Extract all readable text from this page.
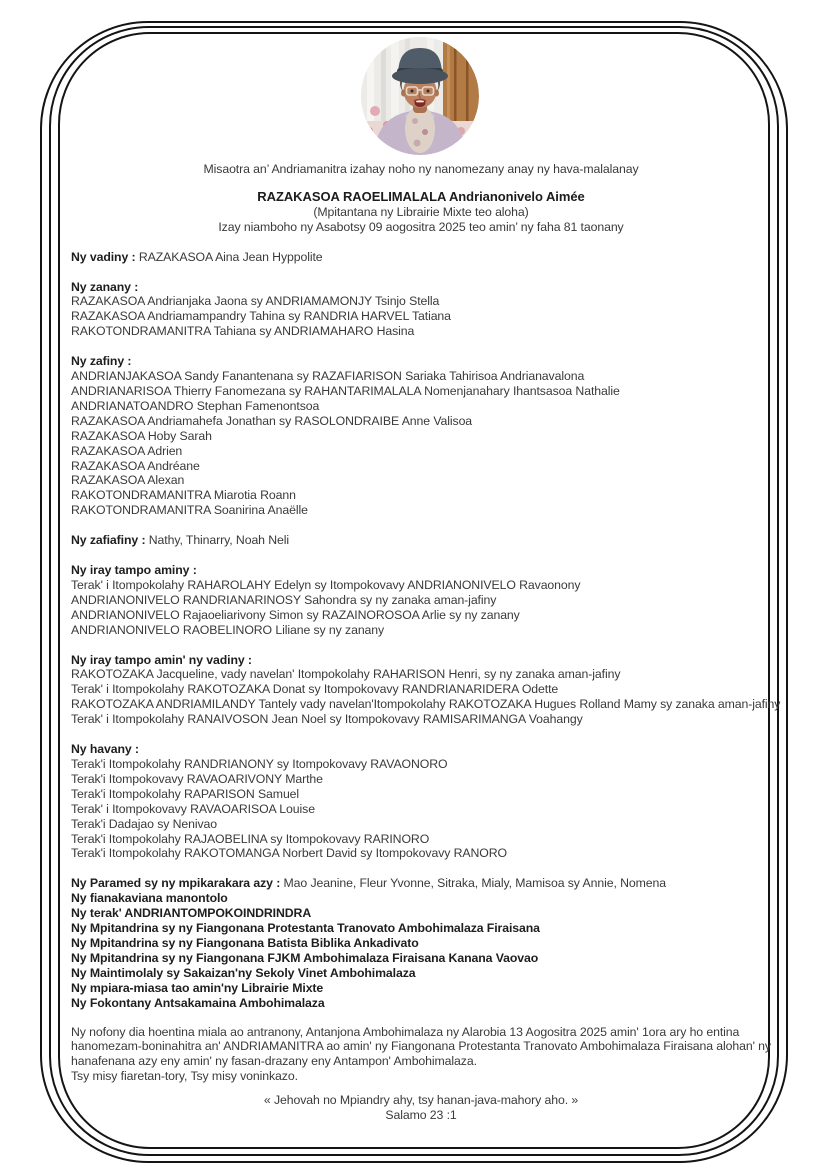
Misaotra an’ Andriamanitra izahay noho ny nanomezany anay ny hava-malalanay

RAZAKASOA RAOELIMALALA Andrianonivelo Aimée

(Mpitantana ny Librairie Mixte teo aloha)

Izay niamboho ny Asabotsy 09 aogositra 2025 teo amin’ ny faha 81 taonany

Ny vadiny : RAZAKASOA Aina Jean Hyppolite

Ny zanany :

RAZAKASOA Andrianjaka Jaona sy ANDRIAMAMONJY Tsinjo Stella

RAZAKASOA Andriamampandry Tahina sy RANDRIA HARVEL Tatiana

RAKOTONDRAMANITRA Tahiana sy ANDRIAMAHARO Hasina

Ny zafiny :

ANDRIANJAKASOA Sandy Fanantenana sy RAZAFIARISON Sariaka Tahirisoa Andrianavalona

ANDRIANARISOA Thierry Fanomezana sy RAHANTARIMALALA Nomenjanahary Ihantsasoa Nathalie

ANDRIANATOANDRO Stephan Famenontsoa

RAZAKASOA Andriamahefa Jonathan sy RASOLONDRAIBE Anne Valisoa

RAZAKASOA Hoby Sarah

RAZAKASOA Adrien

RAZAKASOA Andréane

RAZAKASOA Alexan

RAKOTONDRAMANITRA Miarotia Roann

RAKOTONDRAMANITRA Soanirina Anaëlle

Ny zafiafiny : Nathy, Thinarry, Noah Neli

Ny iray tampo aminy :

Terak' i Itompokolahy RAHAROLAHY Edelyn sy Itompokovavy ANDRIANONIVELO Ravaonony

ANDRIANONIVELO RANDRIANARINOSY Sahondra sy ny zanaka aman-jafiny

ANDRIANONIVELO Rajaoeliarivony Simon sy RAZAINOROSOA Arlie sy ny zanany

ANDRIANONIVELO RAOBELINORO Liliane sy ny zanany

Ny iray tampo amin' ny vadiny :

RAKOTOZAKA Jacqueline, vady navelan' Itompokolahy RAHARISON Henri, sy ny zanaka aman-jafiny

Terak' i Itompokolahy RAKOTOZAKA Donat sy Itompokovavy RANDRIANARIDERA Odette

RAKOTOZAKA ANDRIAMILANDY Tantely vady navelan'Itompokolahy RAKOTOZAKA Hugues Rolland Mamy sy zanaka aman-jafiny

Terak' i Itompokolahy RANAIVOSON Jean Noel sy Itompokovavy RAMISARIMANGA Voahangy

Ny havany :

Terak'i Itompokolahy RANDRIANONY sy Itompokovavy RAVAONORO

Terak'i Itompokovavy RAVAOARIVONY Marthe

Terak'i Itompokolahy RAPARISON Samuel

Terak' i Itompokovavy RAVAOARISOA Louise

Terak'i Dadajao sy Nenivao

Terak'i Itompokolahy RAJAOBELINA sy Itompokovavy RARINORO

Terak'i Itompokolahy RAKOTOMANGA Norbert David sy Itompokovavy RANORO

Ny Paramed sy ny mpikarakara azy : Mao Jeanine, Fleur Yvonne, Sitraka, Mialy, Mamisoa sy Annie, Nomena

Ny fianakaviana manontolo

Ny terak' ANDRIANTOMPOKOINDRINDRA

Ny Mpitandrina sy ny Fiangonana Protestanta Tranovato Ambohimalaza Firaisana

Ny Mpitandrina sy ny Fiangonana Batista Biblika Ankadivato

Ny Mpitandrina sy ny Fiangonana FJKM Ambohimalaza Firaisana Kanana Vaovao

Ny Maintimolaly sy Sakaizan'ny Sekoly Vinet Ambohimalaza

Ny mpiara-miasa tao amin'ny Librairie Mixte

Ny Fokontany Antsakamaina Ambohimalaza

Ny nofony dia hoentina miala ao antranony, Antanjona Ambohimalaza ny Alarobia 13 Aogositra 2025 amin' 1ora ary ho entina hanomezam-boninahitra an' ANDRIAMANITRA ao amin' ny Fiangonana Protestanta Tranovato Ambohimalaza Firaisana alohan' ny hanafenana azy eny amin' ny fasan-drazany eny Antampon' Ambohimalaza.

Tsy misy fiaretan-tory, Tsy misy voninkazo.

« Jehovah no Mpiandry ahy, tsy hanan-java-mahory aho. »

Salamo 23 :1
